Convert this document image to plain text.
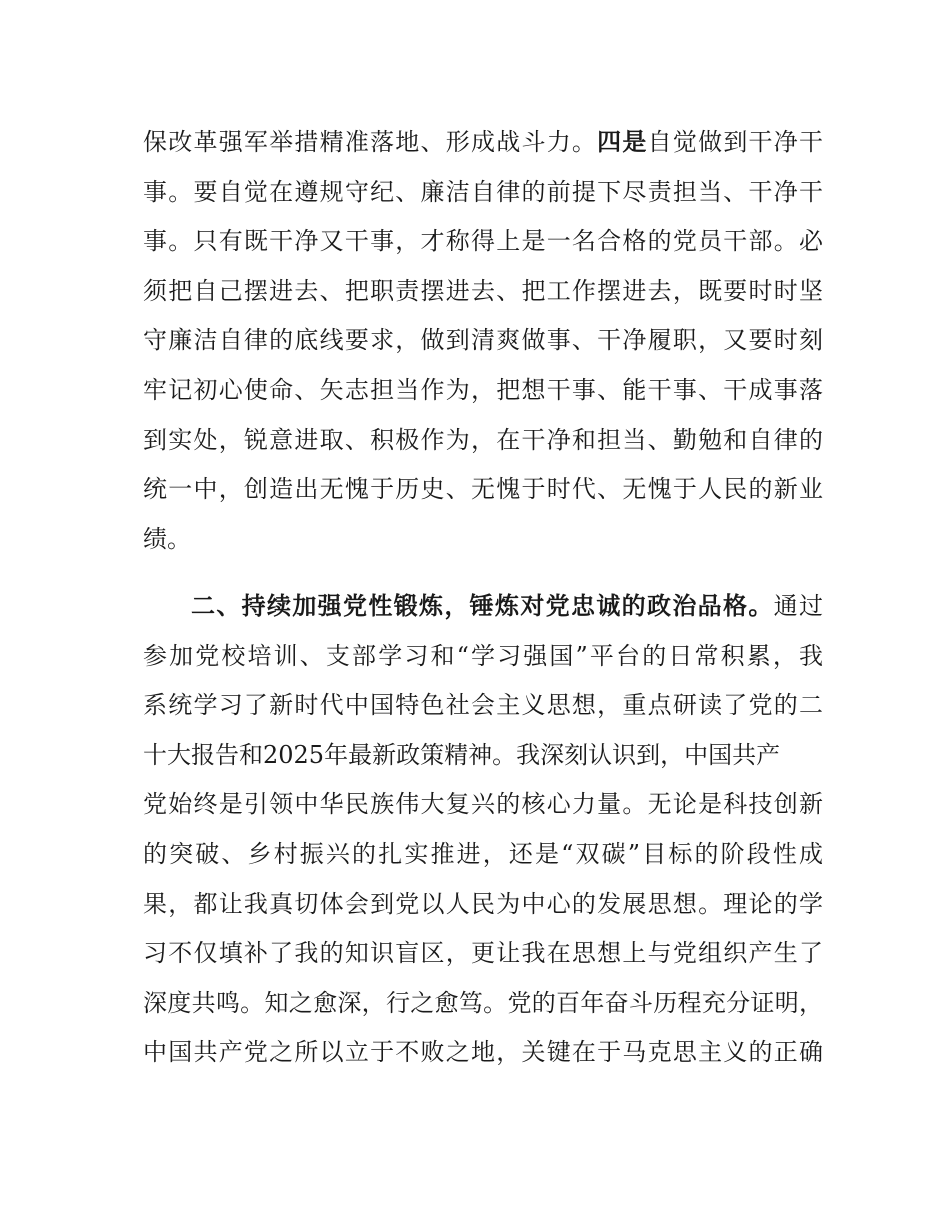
保改革强军举措精准落地、形成战斗力。四是自觉做到干净干
事。要自觉在遵规守纪、廉洁自律的前提下尽责担当、干净干
事。只有既干净又干事，才称得上是一名合格的党员干部。必
须把自己摆进去、把职责摆进去、把工作摆进去，既要时时坚
守廉洁自律的底线要求，做到清爽做事、干净履职，又要时刻
牢记初心使命、矢志担当作为，把想干事、能干事、干成事落
到实处，锐意进取、积极作为，在干净和担当、勤勉和自律的
统一中，创造出无愧于历史、无愧于时代、无愧于人民的新业
绩。
二、持续加强党性锻炼，锤炼对党忠诚的政治品格。通过
参加党校培训、支部学习和“学习强国”平台的日常积累，我
系统学习了新时代中国特色社会主义思想，重点研读了党的二
十大报告和2025年最新政策精神。我深刻认识到，中国共产
党始终是引领中华民族伟大复兴的核心力量。无论是科技创新
的突破、乡村振兴的扎实推进，还是“双碳”目标的阶段性成
果，都让我真切体会到党以人民为中心的发展思想。理论的学
习不仅填补了我的知识盲区，更让我在思想上与党组织产生了
深度共鸣。知之愈深，行之愈笃。党的百年奋斗历程充分证明，
中国共产党之所以立于不败之地，关键在于马克思主义的正确
